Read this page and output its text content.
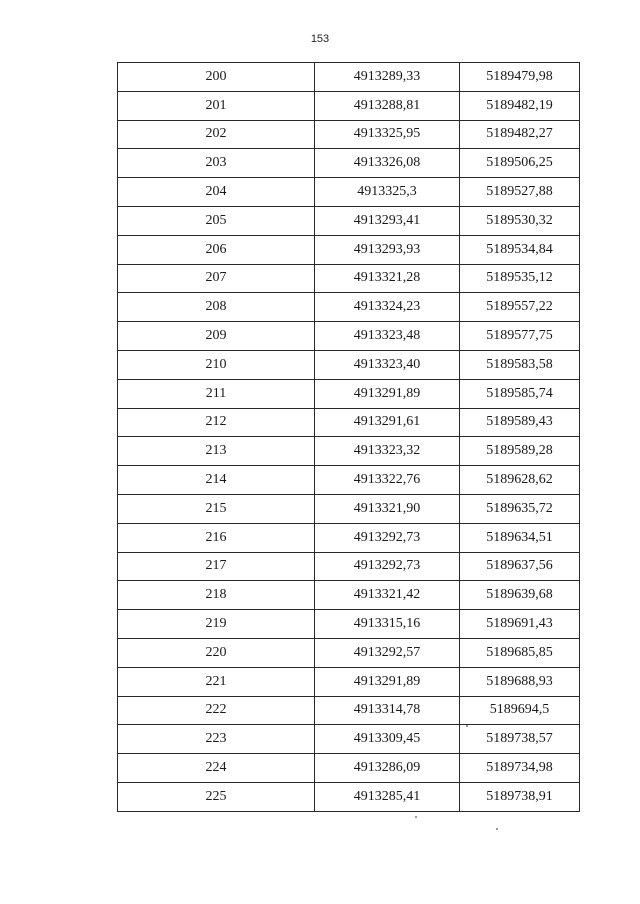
153
200	4913289,33	5189479,98
201	4913288,81	5189482,19
202	4913325,95	5189482,27
203	4913326,08	5189506,25
204	4913325,3	5189527,88
205	4913293,41	5189530,32
206	4913293,93	5189534,84
207	4913321,28	5189535,12
208	4913324,23	5189557,22
209	4913323,48	5189577,75
210	4913323,40	5189583,58
211	4913291,89	5189585,74
212	4913291,61	5189589,43
213	4913323,32	5189589,28
214	4913322,76	5189628,62
215	4913321,90	5189635,72
216	4913292,73	5189634,51
217	4913292,73	5189637,56
218	4913321,42	5189639,68
219	4913315,16	5189691,43
220	4913292,57	5189685,85
221	4913291,89	5189688,93
222	4913314,78	5189694,5
223	4913309,45	5189738,57
224	4913286,09	5189734,98
225	4913285,41	5189738,91
